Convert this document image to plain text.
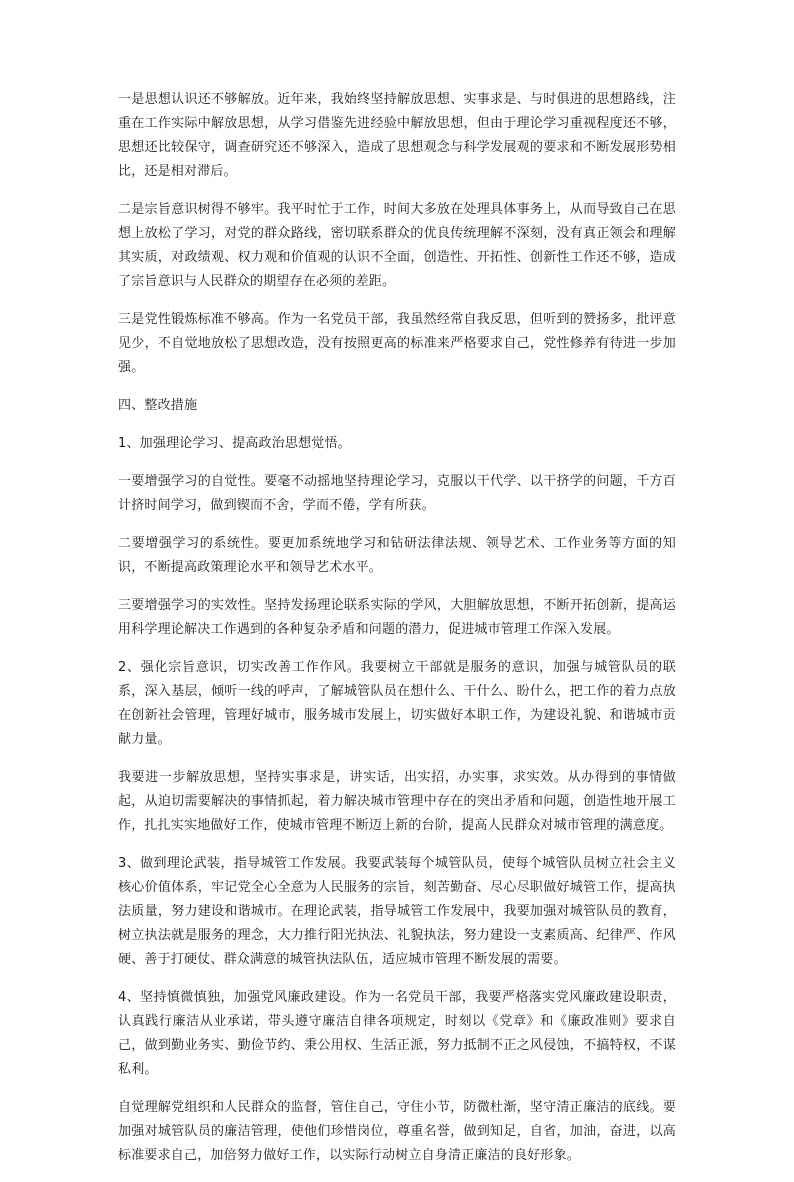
一是思想认识还不够解放。近年来，我始终坚持解放思想、实事求是、与时俱进的思想路线，注重在工作实际中解放思想，从学习借鉴先进经验中解放思想，但由于理论学习重视程度还不够，思想还比较保守，调查研究还不够深入，造成了思想观念与科学发展观的要求和不断发展形势相比，还是相对滞后。

二是宗旨意识树得不够牢。我平时忙于工作，时间大多放在处理具体事务上，从而导致自己在思想上放松了学习，对党的群众路线，密切联系群众的优良传统理解不深刻，没有真正领会和理解其实质，对政绩观、权力观和价值观的认识不全面，创造性、开拓性、创新性工作还不够，造成了宗旨意识与人民群众的期望存在必须的差距。

三是党性锻炼标准不够高。作为一名党员干部，我虽然经常自我反思，但听到的赞扬多，批评意见少，不自觉地放松了思想改造，没有按照更高的标准来严格要求自己，党性修养有待进一步加强。

四、整改措施

1、加强理论学习、提高政治思想觉悟。

一要增强学习的自觉性。要毫不动摇地坚持理论学习，克服以干代学、以干挤学的问题，千方百计挤时间学习，做到锲而不舍，学而不倦，学有所获。

二要增强学习的系统性。要更加系统地学习和钻研法律法规、领导艺术、工作业务等方面的知识，不断提高政策理论水平和领导艺术水平。

三要增强学习的实效性。坚持发扬理论联系实际的学风，大胆解放思想，不断开拓创新，提高运用科学理论解决工作遇到的各种复杂矛盾和问题的潜力，促进城市管理工作深入发展。

2、强化宗旨意识，切实改善工作作风。我要树立干部就是服务的意识，加强与城管队员的联系，深入基层，倾听一线的呼声，了解城管队员在想什么、干什么、盼什么，把工作的着力点放在创新社会管理，管理好城市，服务城市发展上，切实做好本职工作，为建设礼貌、和谐城市贡献力量。

我要进一步解放思想，坚持实事求是，讲实话，出实招，办实事，求实效。从办得到的事情做起，从迫切需要解决的事情抓起，着力解决城市管理中存在的突出矛盾和问题，创造性地开展工作，扎扎实实地做好工作，使城市管理不断迈上新的台阶，提高人民群众对城市管理的满意度。

3、做到理论武装，指导城管工作发展。我要武装每个城管队员，使每个城管队员树立社会主义核心价值体系，牢记党全心全意为人民服务的宗旨，刻苦勤奋、尽心尽职做好城管工作，提高执法质量，努力建设和谐城市。在理论武装，指导城管工作发展中，我要加强对城管队员的教育，树立执法就是服务的理念，大力推行阳光执法、礼貌执法，努力建设一支素质高、纪律严、作风硬、善于打硬仗、群众满意的城管执法队伍，适应城市管理不断发展的需要。

4、坚持慎微慎独，加强党风廉政建设。作为一名党员干部，我要严格落实党风廉政建设职责，认真践行廉洁从业承诺，带头遵守廉洁自律各项规定，时刻以《党章》和《廉政准则》要求自己，做到勤业务实、勤俭节约、秉公用权、生活正派，努力抵制不正之风侵蚀，不搞特权，不谋私利。

自觉理解党组织和人民群众的监督，管住自己，守住小节，防微杜渐，坚守清正廉洁的底线。要加强对城管队员的廉洁管理，使他们珍惜岗位，尊重名誉，做到知足，自省，加油，奋进，以高标准要求自己，加倍努力做好工作，以实际行动树立自身清正廉洁的良好形象。
